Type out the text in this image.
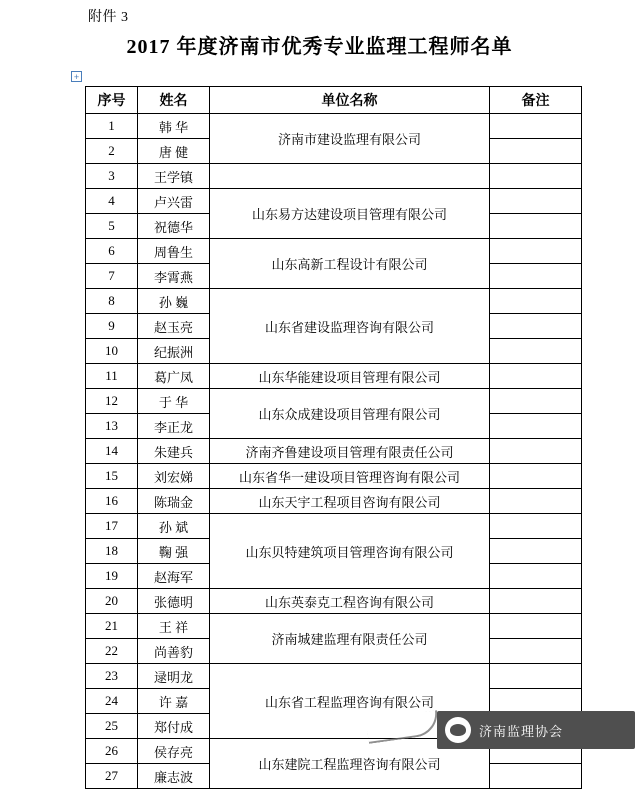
附件 3
2017 年度济南市优秀专业监理工程师名单
+
序号	姓名	单位名称	备注
1	韩 华	济南市建设监理有限公司	
2	唐 健		
3	王学镇		
4	卢兴雷	山东易方达建设项目管理有限公司	
5	祝德华		
6	周鲁生	山东高新工程设计有限公司	
7	李霄燕		
8	孙 巍	山东省建设监理咨询有限公司	
9	赵玉亮		
10	纪振洲		
11	葛广凤	山东华能建设项目管理有限公司	
12	于 华	山东众成建设项目管理有限公司	
13	李正龙		
14	朱建兵	济南齐鲁建设项目管理有限责任公司	
15	刘宏娣	山东省华一建设项目管理咨询有限公司	
16	陈瑞金	山东天宇工程项目咨询有限公司	
17	孙 斌	山东贝特建筑项目管理咨询有限公司	
18	鞠 强		
19	赵海军		
20	张德明	山东英泰克工程咨询有限公司	
21	王 祥	济南城建监理有限责任公司	
22	尚善豹		
23	逯明龙	山东省工程监理咨询有限公司	
24	许 嘉		
25	郑付成		
26	侯存亮	山东建院工程监理咨询有限公司	
27	廉志波		
济南监理协会
